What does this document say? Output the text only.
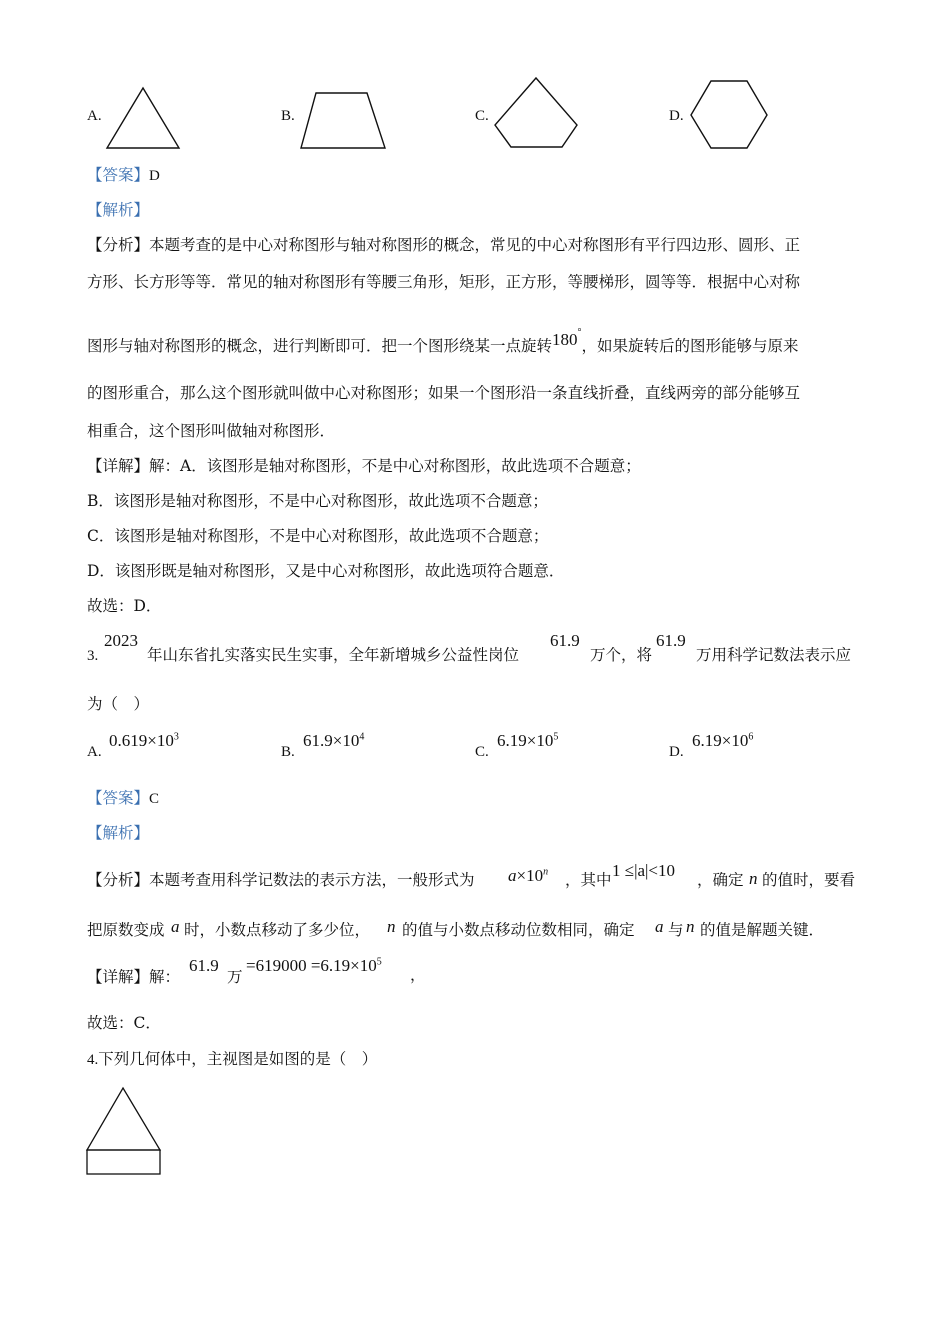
A.	B.	C.	D.
【答案】D
【解析】
【分析】本题考查的是中心对称图形与轴对称图形的概念，常见的中心对称图形有平行四边形、圆形、正
方形、长方形等等．常见的轴对称图形有等腰三角形，矩形，正方形，等腰梯形，圆等等．根据中心对称
图形与轴对称图形的概念，进行判断即可．把一个图形绕某一点旋转180°，如果旋转后的图形能够与原来
的图形重合，那么这个图形就叫做中心对称图形；如果一个图形沿一条直线折叠，直线两旁的部分能够互
相重合，这个图形叫做轴对称图形．
【详解】解：A．该图形是轴对称图形，不是中心对称图形，故此选项不合题意；
B．该图形是轴对称图形，不是中心对称图形，故此选项不合题意；
C．该图形是轴对称图形，不是中心对称图形，故此选项不合题意；
D．该图形既是轴对称图形，又是中心对称图形，故此选项符合题意．
故选：D．
3.
2023
年山东省扎实落实民生实事，全年新增城乡公益性岗位
61.9
万个，将
61.9
万用科学记数法表示应
为（　）
A.
$0.619\times 10^3$
B.
$61.9\times 10^4$
C.
$6.19\times 10^5$
D.
$6.19\times 10^6$
【答案】C
【解析】
【分析】本题考查用科学记数法的表示方法，一般形式为 $a\times 10^n$ ，其中 1 ≤|a|<10 ，确定 n 的值时，要看
把原数变成 a 时，小数点移动了多少位， n 的值与小数点移动位数相同，确定 a 与 n 的值是解题关键．
【详解】解：
61.9
万
$=619000 =6.19\times 10^5$
，
故选：C．
4.下列几何体中，主视图是如图的是（　）
